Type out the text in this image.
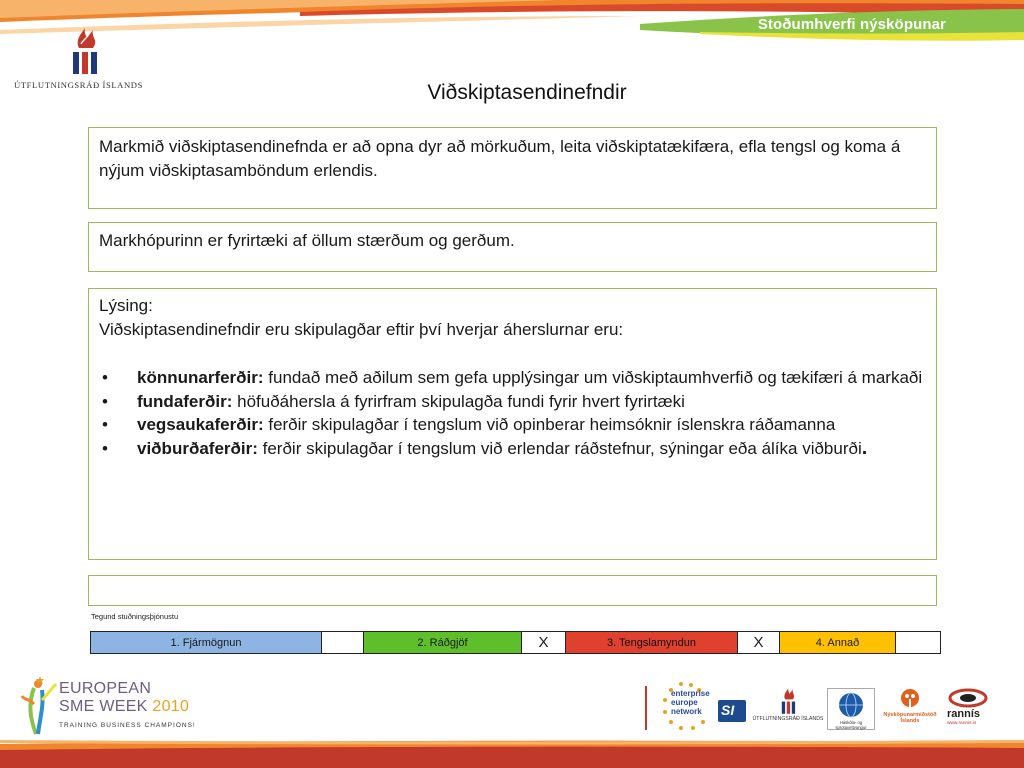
Stoðumhverfi nýsköpunar
ÚTFLUTNINGSRÁÐ ÍSLANDS	Viðskiptasendinefndir
Markmið viðskiptasendinefnda er að opna dyr að mörkuðum, leita viðskiptatækifæra, efla tengsl og koma á nýjum viðskiptasamböndum erlendis.
Markhópurinn er fyrirtæki af öllum stærðum og gerðum.
Lýsing:
Viðskiptasendinefndir eru skipulagðar eftir því hverjar áherslurnar eru:
• könnunarferðir: fundað með aðilum sem gefa upplýsingar um viðskiptaumhverfið og tækifæri á markaði
• fundaferðir: höfuðáhersla á fyrirfram skipulagða fundi fyrir hvert fyrirtæki
• vegsaukaferðir: ferðir skipulagðar í tengslum við opinberar heimsóknir íslenskra ráðamanna
• viðburðaferðir: ferðir skipulagðar í tengslum við erlendar ráðstefnur, sýningar eða álíka viðburði.
Tegund stuðningsþjónustu
1. Fjármögnun		2. Ráðgjöf	X	3. Tengslamyndun	X	4. Annað	
EUROPEAN
SME WEEK 2010
TRAINING BUSINESS CHAMPIONS!
enterprise
europe
network	SI
ÚTFLUTNINGSRÁÐ ÍSLANDS
Háskóla- og
sprotavettvangur
Nýsköpunarmiðstöð
Íslands
rannís
www.rannis.is
